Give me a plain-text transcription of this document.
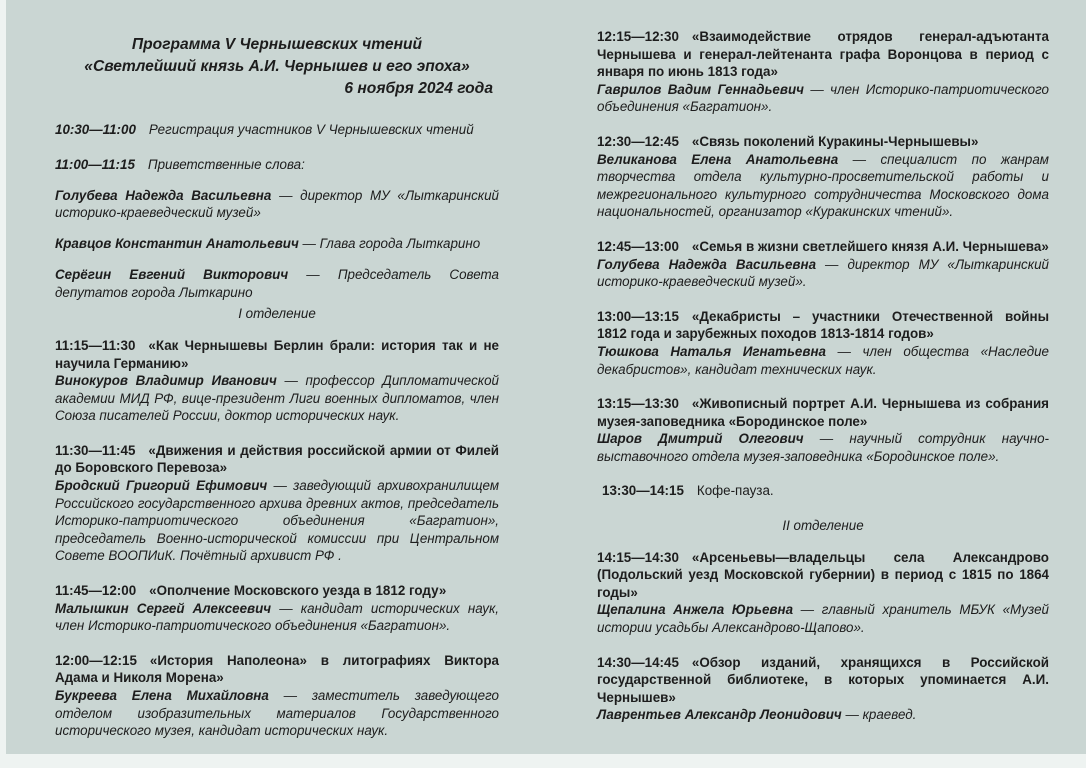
Программа V Чернышевских чтений
«Светлейший князь А.И. Чернышев и его эпоха»
6 ноября 2024 года

10:30—11:00 Регистрация участников V Чернышевских чтений

11:00—11:15 Приветственные слова:

Голубева Надежда Васильевна — директор МУ «Лыткаринский историко-краеведческий музей»

Кравцов Константин Анатольевич — Глава города Лыткарино

Серёгин Евгений Викторович — Председатель Совета депутатов города Лыткарино

I отделение

11:15—11:30 «Как Чернышевы Берлин брали: история так и не научила Германию»

Винокуров Владимир Иванович — профессор Дипломатической академии МИД РФ, вице-президент Лиги военных дипломатов, член Союза писателей России, доктор исторических наук.

11:30—11:45 «Движения и действия российской армии от Филей до Боровского Перевоза»

Бродский Григорий Ефимович — заведующий архивохранилищем Российского государственного архива древних актов, председатель Историко-патриотического объединения «Багратион», председатель Военно-исторической комиссии при Центральном Совете ВООПИиК. Почётный архивист РФ .

11:45—12:00 «Ополчение Московского уезда в 1812 году»

Малышкин Сергей Алексеевич — кандидат исторических наук, член Историко-патриотического объединения «Багратион».

12:00—12:15 «История Наполеона» в литографиях Виктора Адама и Николя Морена»

Букреева Елена Михайловна — заместитель заведующего отделом изобразительных материалов Государственного исторического музея, кандидат исторических наук.

12:15—12:30 «Взаимодействие отрядов генерал-адъютанта Чернышева и генерал-лейтенанта графа Воронцова в период с января по июнь 1813 года»

Гаврилов Вадим Геннадьевич — член Историко-патриотического объединения «Багратион».

12:30—12:45 «Связь поколений Куракины-Чернышевы»

Великанова Елена Анатольевна — специалист по жанрам творчества отдела культурно-просветительской работы и межрегионального культурного сотрудничества Московского дома национальностей, организатор «Куракинских чтений».

12:45—13:00 «Семья в жизни светлейшего князя А.И. Чернышева»

Голубева Надежда Васильевна — директор МУ «Лыткаринский историко-краеведческий музей».

13:00—13:15 «Декабристы – участники Отечественной войны 1812 года и зарубежных походов 1813-1814 годов»

Тюшкова Наталья Игнатьевна — член общества «Наследие декабристов», кандидат технических наук.

13:15—13:30 «Живописный портрет А.И. Чернышева из собрания музея-заповедника «Бородинское поле»

Шаров Дмитрий Олегович — научный сотрудник научно-выставочного отдела музея-заповедника «Бородинское поле».

13:30—14:15 Кофе-пауза.

II отделение

14:15—14:30 «Арсеньевы—владельцы села Александрово (Подольский уезд Московской губернии) в период с 1815 по 1864 годы»

Щепалина Анжела Юрьевна — главный хранитель МБУК «Музей истории усадьбы Александрово-Щапово».

14:30—14:45 «Обзор изданий, хранящихся в Российской государственной библиотеке, в которых упоминается А.И. Чернышев»

Лаврентьев Александр Леонидович — краевед.
